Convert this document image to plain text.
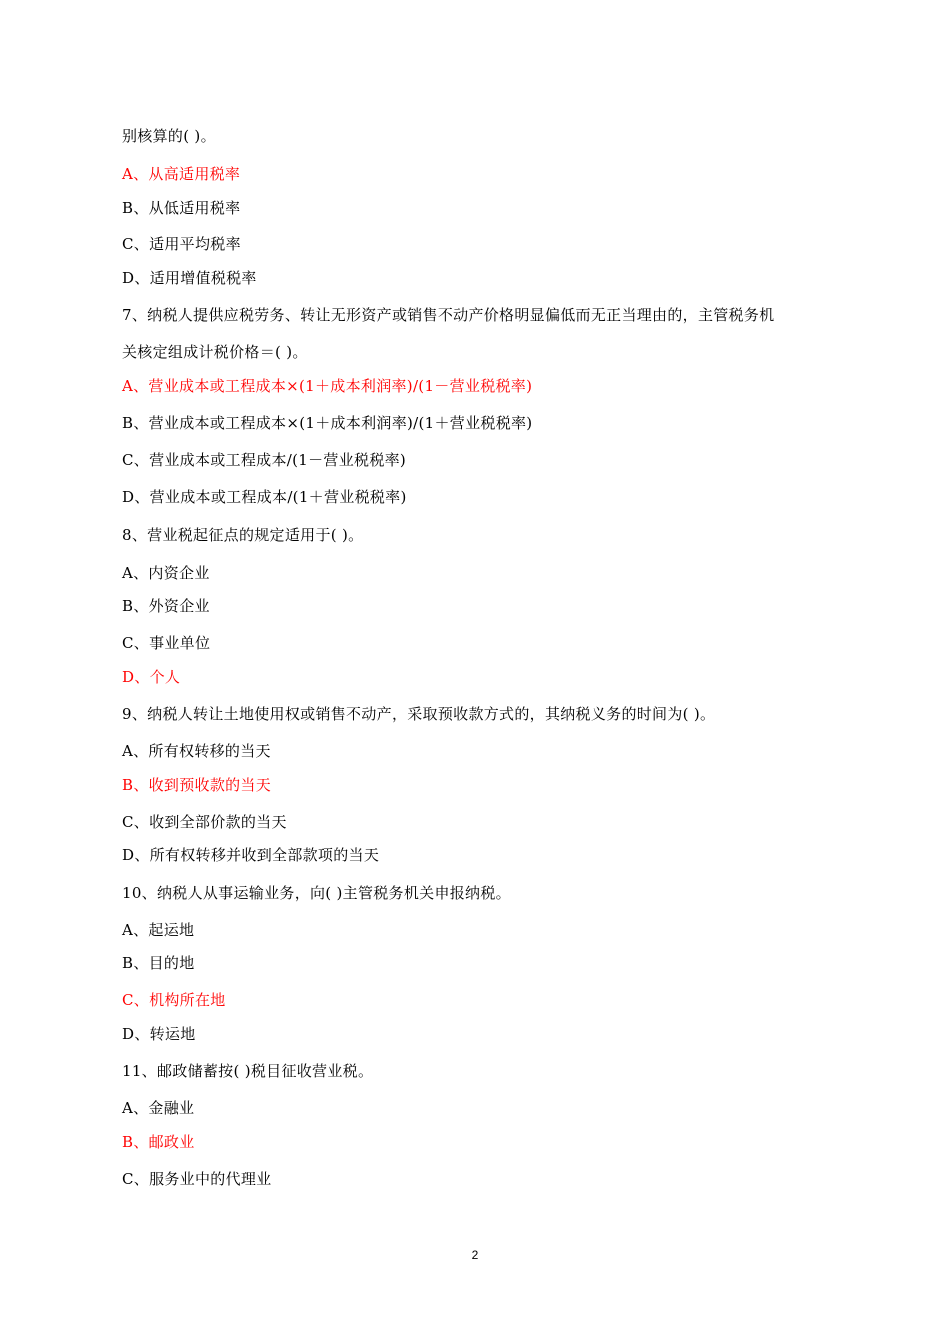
别核算的( )。
A、从高适用税率
B、从低适用税率
C、适用平均税率
D、适用增值税税率
7、纳税人提供应税劳务、转让无形资产或销售不动产价格明显偏低而无正当理由的，主管税务机
关核定组成计税价格＝( )。
A、营业成本或工程成本×(1＋成本利润率)/(1－营业税税率)
B、营业成本或工程成本×(1＋成本利润率)/(1＋营业税税率)
C、营业成本或工程成本/(1－营业税税率)
D、营业成本或工程成本/(1＋营业税税率)
8、营业税起征点的规定适用于( )。
A、内资企业
B、外资企业
C、事业单位
D、个人
9、纳税人转让土地使用权或销售不动产，采取预收款方式的，其纳税义务的时间为( )。
A、所有权转移的当天
B、收到预收款的当天
C、收到全部价款的当天
D、所有权转移并收到全部款项的当天
10、纳税人从事运输业务，向( )主管税务机关申报纳税。
A、起运地
B、目的地
C、机构所在地
D、转运地
11、邮政储蓄按( )税目征收营业税。
A、金融业
B、邮政业
C、服务业中的代理业
2
